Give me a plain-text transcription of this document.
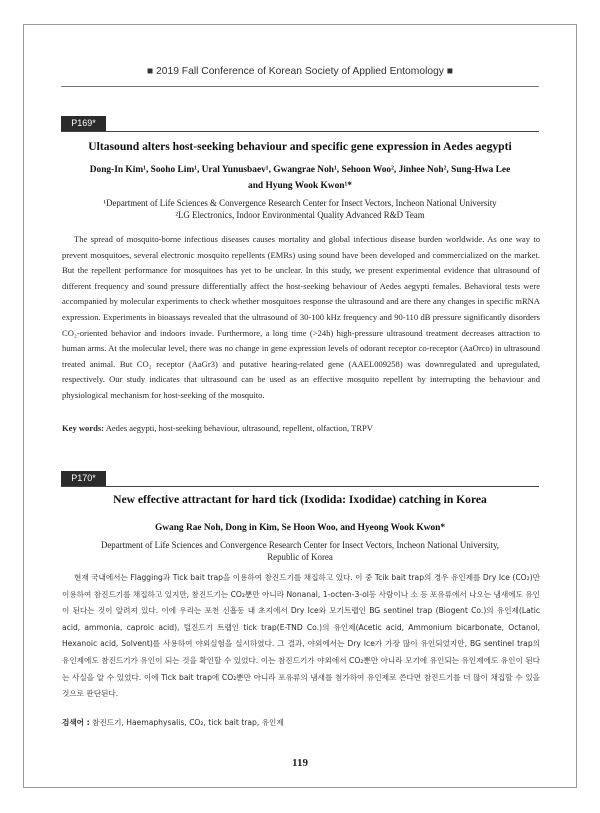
■ 2019 Fall Conference of Korean Society of Applied Entomology ■
P169*
Ultasound alters host-seeking behaviour and specific gene expression in Aedes aegypti
Dong-In Kim¹, Sooho Lim¹, Ural Yunusbaev¹, Gwangrae Noh¹, Sehoon Woo², Jinhee Noh², Sung-Hwa Lee
and Hyung Wook Kwon¹*
¹Department of Life Sciences & Convergence Research Center for Insect Vectors, Incheon National University
²LG Electronics, Indoor Environmental Quality Advanced R&D Team

The spread of mosquito-borne infectious diseases causes mortality and global infectious disease burden worldwide. As one way to prevent mosquitoes, several electronic mosquito repellents (EMRs) using sound have been developed and commercialized on the market. But the repellent performance for mosquitoes has yet to be unclear. In this study, we present experimental evidence that ultrasound of different frequency and sound pressure differentially affect the host-seeking behaviour of Aedes aegypti females. Behavioral tests were accompanied by molecular experiments to check whether mosquitoes response the ultrasound and are there any changes in specific mRNA expression. Experiments in bioassays revealed that the ultrasound of 30-100 kHz frequency and 90-110 dB pressure significantly disorders CO₂-oriented behavior and indoors invade. Furthermore, a long time (>24h) high-pressure ultrasound treatment decreases attraction to human arms. At the molecular level, there was no change in gene expression levels of odorant receptor co-receptor (AaOrco) in ultrasound treated animal. But CO₂ receptor (AaGr3) and putative hearing-related gene (AAEL009258) was downregulated and upregulated, respectively. Our study indicates that ultrasound can be used as an effective mosquito repellent by interrupting the behaviour and physiological mechanism for host-seeking of the mosquito.

Key words: Aedes aegypti, host-seeking behaviour, ultrasound, repellent, olfaction, TRPV
P170*
New effective attractant for hard tick (Ixodida: Ixodidae) catching in Korea
Gwang Rae Noh, Dong in Kim, Se Hoon Woo, and Hyeong Wook Kwon*
Department of Life Sciences and Convergence Research Center for Insect Vectors, Incheon National University,
Republic of Korea

현재 국내에서는 Flagging과 Tick bait trap을 이용하여 참진드기를 채집하고 있다. 이 중 Tcik bait trap의 경우 유인제를 Dry Ice (CO₂)만 이용하여 참진드기를 채집하고 있지만, 참진드기는 CO₂뿐만 아니라 Nonanal, 1-octen-3-ol등 사람이나 소 등 포유류에서 나오는 냄새에도 유인이 된다는 것이 알려져 있다. 이에 우리는 포천 신흡동 내 초지에서 Dry Ice와 모기트랩인 BG sentinel trap (Biogent Co.)의 유인제(Latic acid, ammonia, caproic acid), 털진드기 트랩인 tick trap(E-TND Co.)의 유인제(Acetic acid, Ammonium bicarbonate, Octanol, Hexanoic acid, Solvent)를 사용하여 야외실험을 실시하였다. 그 결과, 야외에서는 Dry Ice가 가장 많이 유인되었지만, BG sentinel trap의 유인제에도 참진드기가 유인이 되는 것을 확인할 수 있었다. 이는 참진드기가 야외에서 CO₂뿐만 아니라 모기에 유인되는 유인제에도 유인이 된다는 사실을 알 수 있었다. 이에 Tick bait trap에 CO₂뿐만 아니라 포유류의 냄새를 첨가하여 유인제로 쓴다면 참진드기를 더 많이 채집할 수 있을 것으로 판단된다.

검색어 : 참진드기, Haemaphysalis, CO₂, tick bait trap, 유인제
119
